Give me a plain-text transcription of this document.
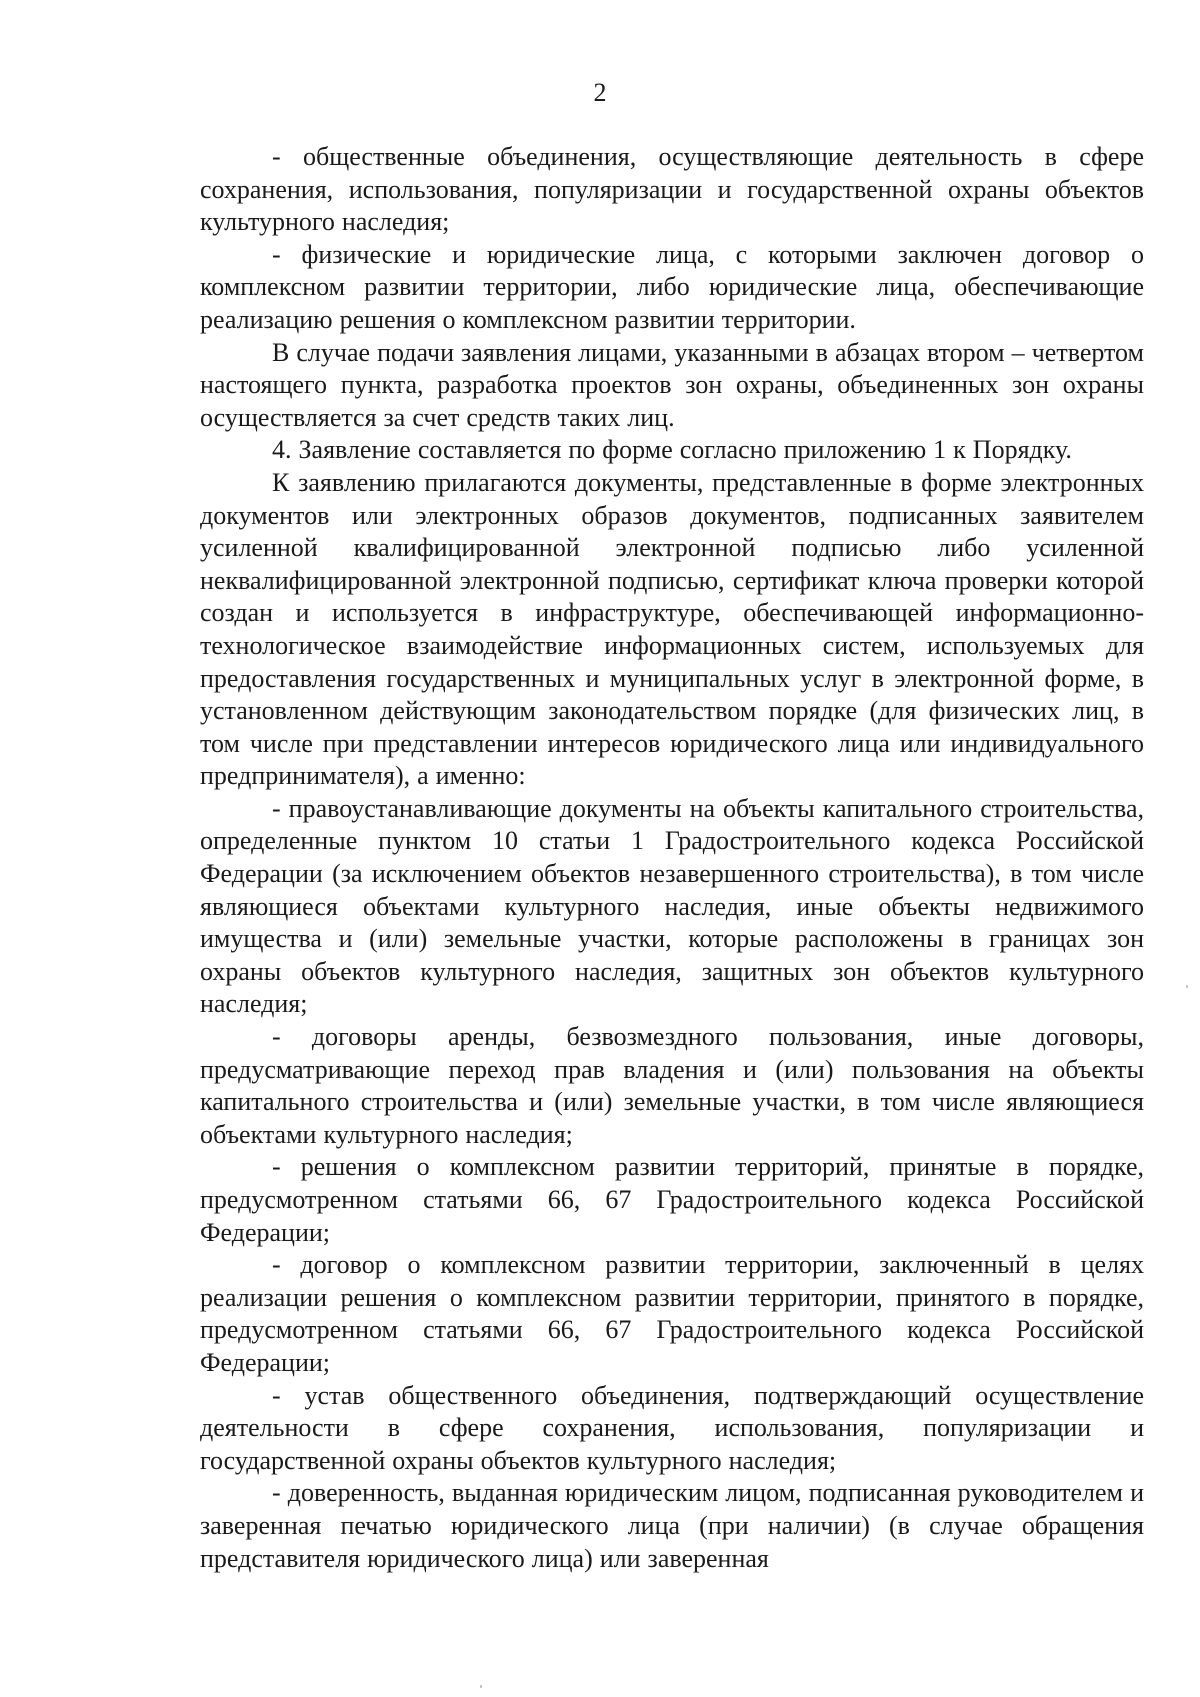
2

- общественные объединения, осуществляющие деятельность в сфере сохранения, использования, популяризации и государственной охраны объектов культурного наследия;

- физические и юридические лица, с которыми заключен договор о комплексном развитии территории, либо юридические лица, обеспечивающие реализацию решения о комплексном развитии территории.

В случае подачи заявления лицами, указанными в абзацах втором – четвертом настоящего пункта, разработка проектов зон охраны, объединенных зон охраны осуществляется за счет средств таких лиц.

4. Заявление составляется по форме согласно приложению 1 к Порядку.

К заявлению прилагаются документы, представленные в форме электронных документов или электронных образов документов, подписанных заявителем усиленной квалифицированной электронной подписью либо усиленной неквалифицированной электронной подписью, сертификат ключа проверки которой создан и используется в инфраструктуре, обеспечивающей информационно-технологическое взаимодействие информационных систем, используемых для предоставления государственных и муниципальных услуг в электронной форме, в установленном действующим законодательством порядке (для физических лиц, в том числе при представлении интересов юридического лица или индивидуального предпринимателя), а именно:

- правоустанавливающие документы на объекты капитального строительства, определенные пунктом 10 статьи 1 Градостроительного кодекса Российской Федерации (за исключением объектов незавершенного строительства), в том числе являющиеся объектами культурного наследия, иные объекты недвижимого имущества и (или) земельные участки, которые расположены в границах зон охраны объектов культурного наследия, защитных зон объектов культурного наследия;

- договоры аренды, безвозмездного пользования, иные договоры, предусматривающие переход прав владения и (или) пользования на объекты капитального строительства и (или) земельные участки, в том числе являющиеся объектами культурного наследия;

- решения о комплексном развитии территорий, принятые в порядке, предусмотренном статьями 66, 67 Градостроительного кодекса Российской Федерации;

- договор о комплексном развитии территории, заключенный в целях реализации решения о комплексном развитии территории, принятого в порядке, предусмотренном статьями 66, 67 Градостроительного кодекса Российской Федерации;

- устав общественного объединения, подтверждающий осуществление деятельности в сфере сохранения, использования, популяризации и государственной охраны объектов культурного наследия;

- доверенность, выданная юридическим лицом, подписанная руководителем и заверенная печатью юридического лица (при наличии) (в случае обращения представителя юридического лица) или заверенная
